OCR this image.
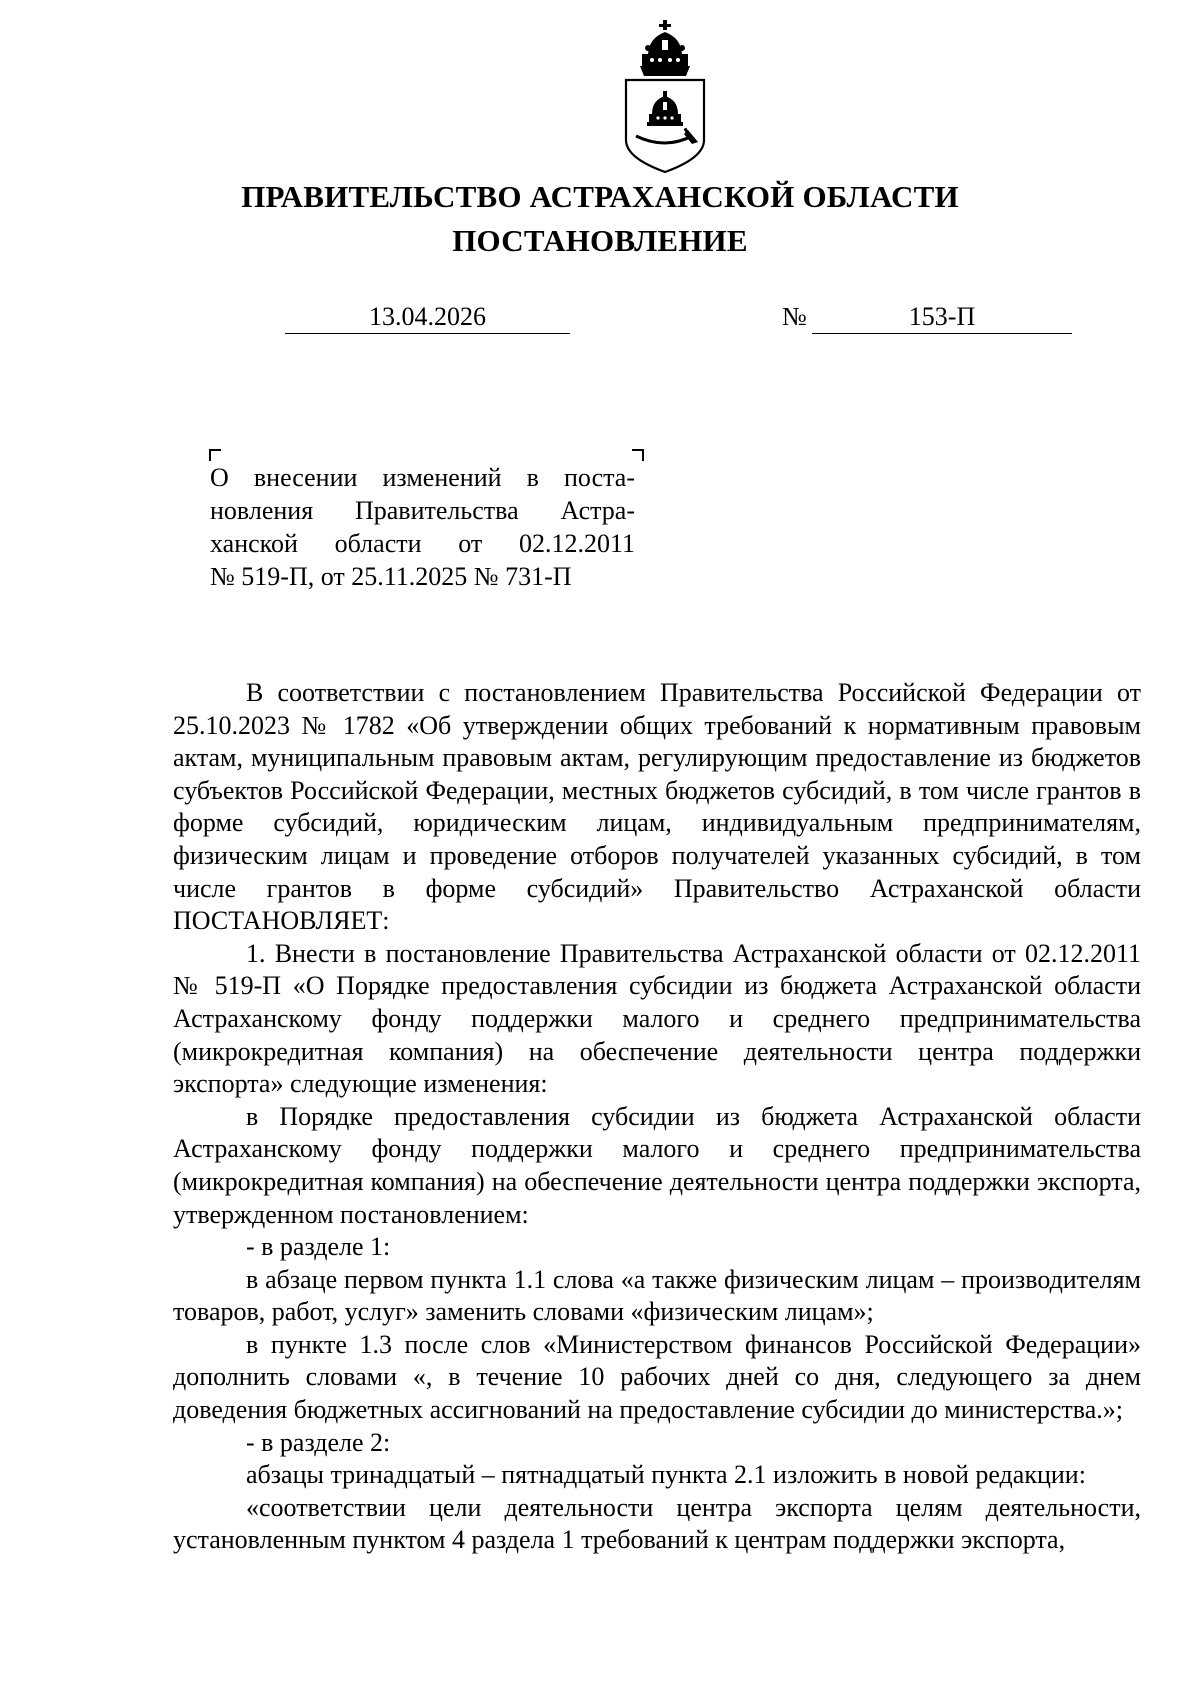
ПРАВИТЕЛЬСТВО АСТРАХАНСКОЙ ОБЛАСТИ
ПОСТАНОВЛЕНИЕ
13.04.2026	№	153-П

О внесении изменений в поста-

новления Правительства Астра-

ханской области от 02.12.2011

№ 519-П, от 25.11.2025 № 731-П

В соответствии с постановлением Правительства Российской Федерации от 25.10.2023 № 1782 «Об утверждении общих требований к нормативным правовым актам, муниципальным правовым актам, регулирующим предоставление из бюджетов субъектов Российской Федерации, местных бюджетов субсидий, в том числе грантов в форме субсидий, юридическим лицам, индивидуальным предпринимателям, физическим лицам и проведение отборов получателей указанных субсидий, в том числе грантов в форме субсидий» Правительство Астраханской области ПОСТАНОВЛЯЕТ:

1. Внести в постановление Правительства Астраханской области от 02.12.2011 № 519-П «О Порядке предоставления субсидии из бюджета Астраханской области Астраханскому фонду поддержки малого и среднего предпринимательства (микрокредитная компания) на обеспечение деятельности центра поддержки экспорта» следующие изменения:

в Порядке предоставления субсидии из бюджета Астраханской области Астраханскому фонду поддержки малого и среднего предпринимательства (микрокредитная компания) на обеспечение деятельности центра поддержки экспорта, утвержденном постановлением:

- в разделе 1:

в абзаце первом пункта 1.1 слова «а также физическим лицам – производителям товаров, работ, услуг» заменить словами «физическим лицам»;

в пункте 1.3 после слов «Министерством финансов Российской Федерации» дополнить словами «, в течение 10 рабочих дней со дня, следующего за днем доведения бюджетных ассигнований на предоставление субсидии до министерства.»;

- в разделе 2:

абзацы тринадцатый – пятнадцатый пункта 2.1 изложить в новой редакции:

«соответствии цели деятельности центра экспорта целям деятельности, установленным пунктом 4 раздела 1 требований к центрам поддержки экспорта,
